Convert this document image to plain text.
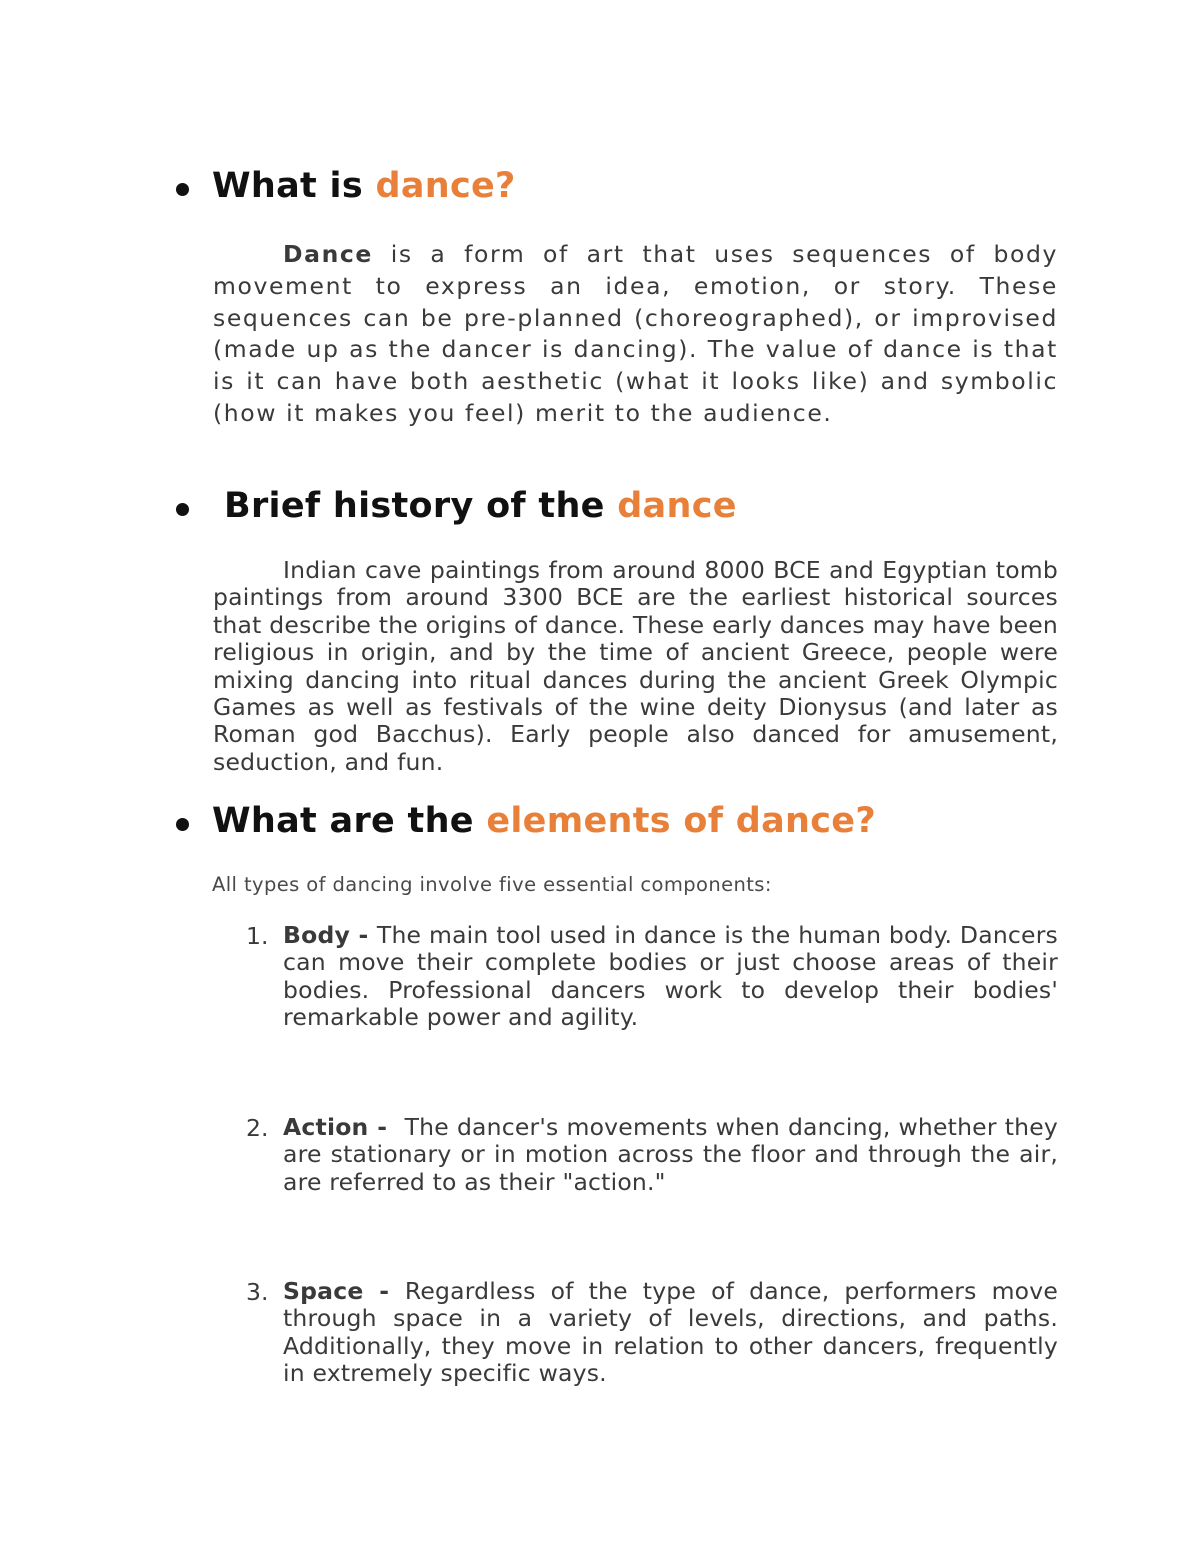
What is dance?
Dance is a form of art that uses sequences of body movement to express an idea, emotion, or story. These sequences can be pre-planned (choreographed), or improvised (made up as the dancer is dancing). The value of dance is that is it can have both aesthetic (what it looks like) and symbolic (how it makes you feel) merit to the audience.
Brief history of the dance
Indian cave paintings from around 8000 BCE and Egyptian tomb paintings from around 3300 BCE are the earliest historical sources that describe the origins of dance. These early dances may have been religious in origin, and by the time of ancient Greece, people were mixing dancing into ritual dances during the ancient Greek Olympic Games as well as festivals of the wine deity Dionysus (and later as Roman god Bacchus). Early people also danced for amusement, seduction, and fun.
What are the elements of dance?
All types of dancing involve five essential components:
1. Body - The main tool used in dance is the human body. Dancers can move their complete bodies or just choose areas of their bodies. Professional dancers work to develop their bodies' remarkable power and agility.
2. Action -  The dancer's movements when dancing, whether they are stationary or in motion across the floor and through the air, are referred to as their "action."
3. Space - Regardless of the type of dance, performers move through space in a variety of levels, directions, and paths. Additionally, they move in relation to other dancers, frequently in extremely specific ways.
